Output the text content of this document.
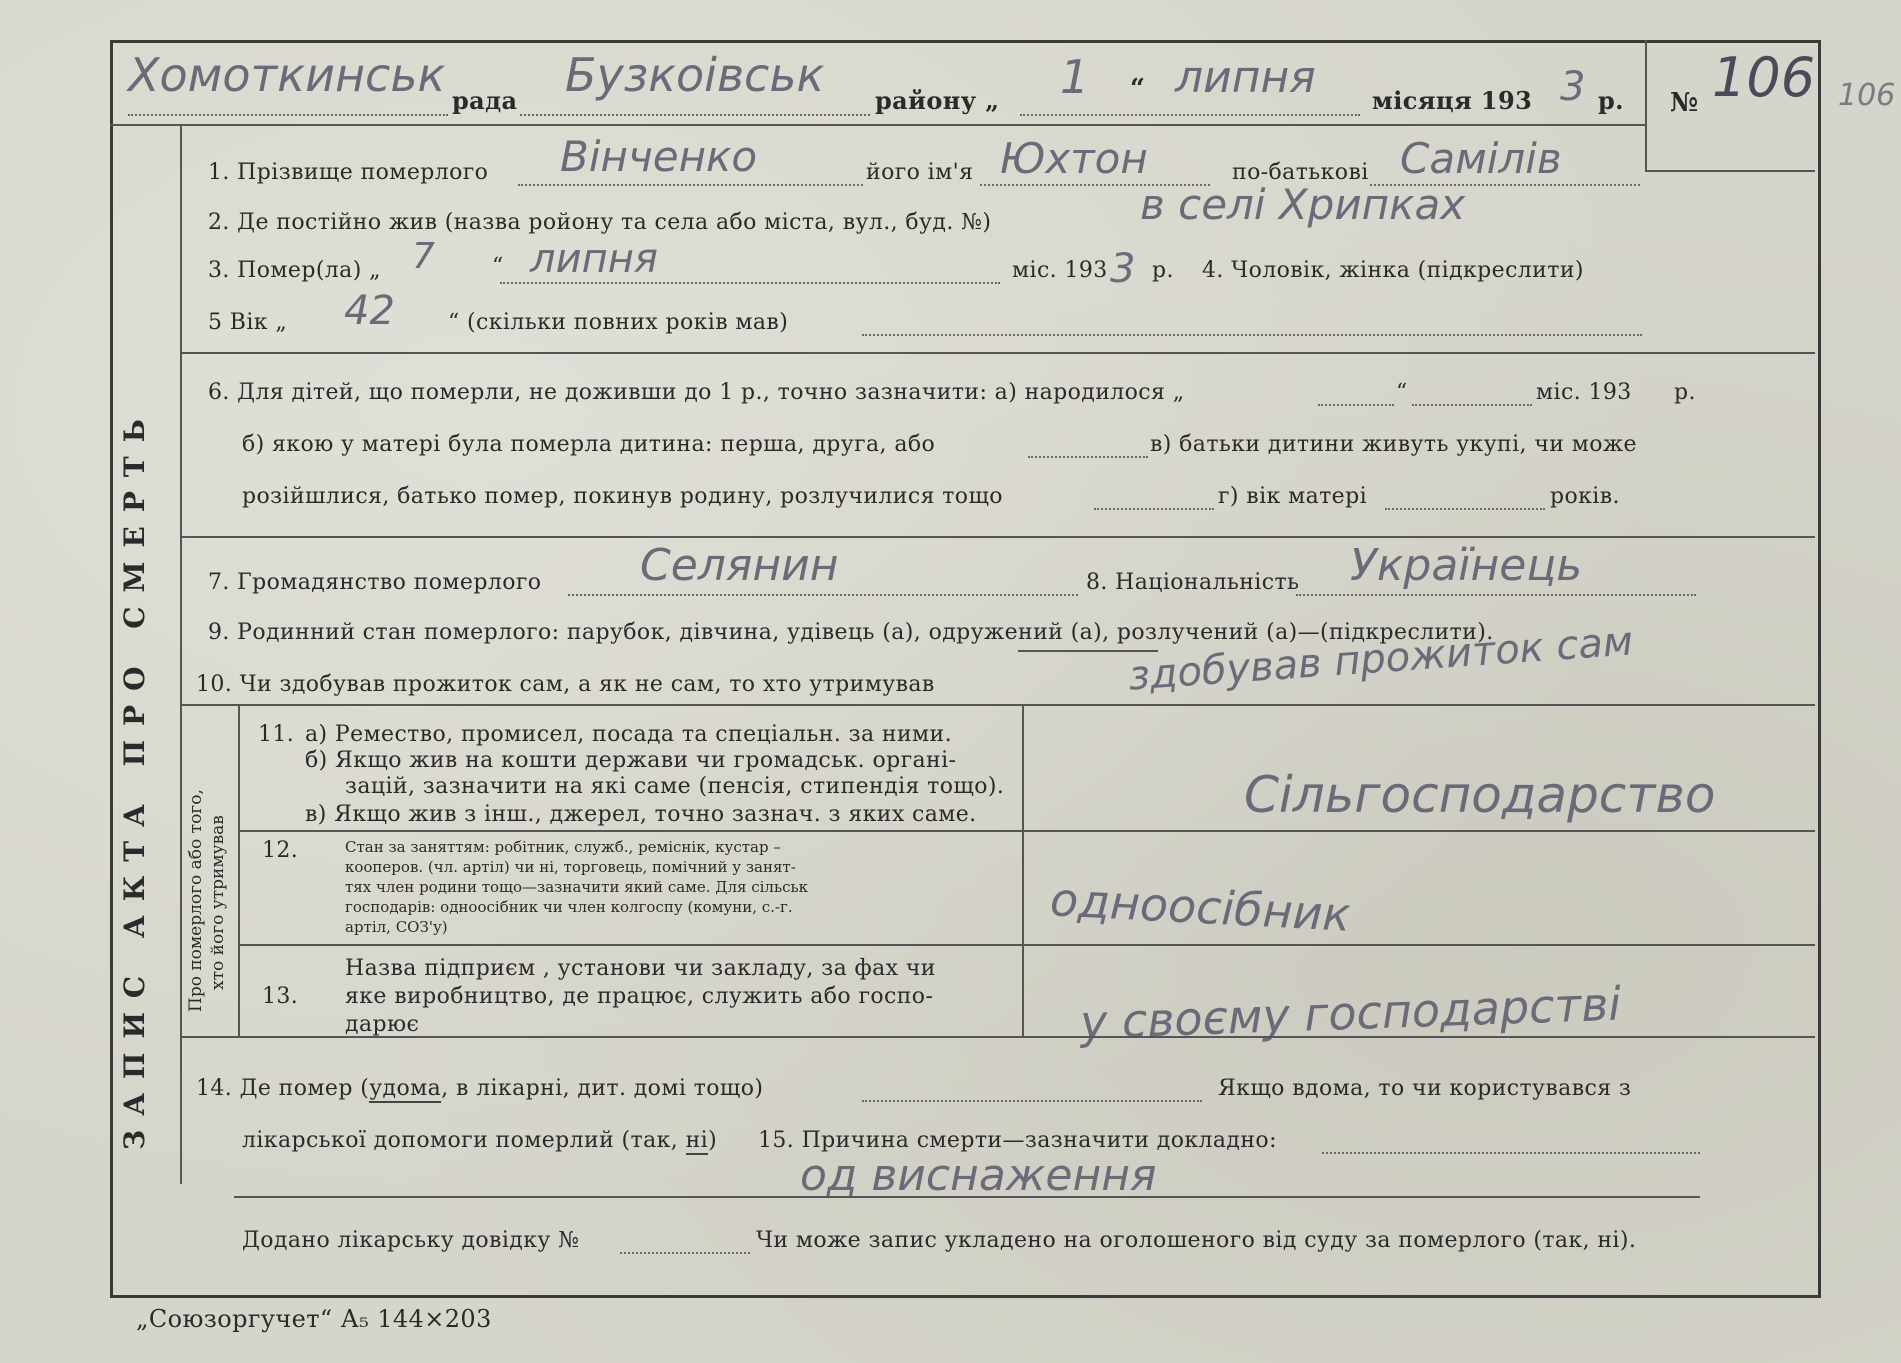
Хомоткинськ рада Бузкоівськ району „ 1 “ липня місяця 193 3 р. № 106 106
ЗАПИС АКТА ПРО СМЕРТЬ
1. Прізвище померлого Вінченко	його ім'я Юхтон	по-батькові Самілів
2. Де постійно жив (назва ройону та села або міста, вул., буд. №)	в селі Хрипках
3. Помер(ла) „ 7	“ липня	міс. 193 3 р. 4. Чоловік, жінка (підкреслити)
5 Вік „ 42 “ (скільки повних років мав)
6. Для дітей, що померли, не доживши до 1 р., точно зазначити: а) народилося „	“	міс. 193 р.
б) якою у матері була померла дитина: перша, друга, або	в) батьки дитини живуть укупі, чи може
розійшлися, батько помер, покинув родину, розлучилися тощо	г) вік матері	років.
7. Громадянство померлого Селянин	8. Національність Українець
9. Родинний стан померлого: парубок, дівчина, удівець (а), одружений (а), розлучений (а)—(підкреслити).
10. Чи здобував прожиток сам, а як не сам, то хто утримував	здобував прожиток сам
Про померлого або того, хто його утримував
11. а) Ремество, промисел, посада та спеціальн. за ними.
б) Якщо жив на кошти держави чи громадськ. органі-
зацій, зазначити на які саме (пенсія, стипендія тощо).
в) Якщо жив з інш., джерел, точно зазнач. з яких саме.	Сільгосподарство
12.	Стан за заняттям: робітник, служб., реміснік, кустар –
кооперов. (чл. артіл) чи ні, торговець, помічний у занят-
тях член родини тощо—зазначити який саме. Для сільськ
господарів: одноосібник чи член колгоспу (комуни, с.-г.
артіл, СОЗ'у)	одноосібник
13.
Назва підприєм , установи чи закладу, за фах чи
яке виробництво, де працює, служить або госпо-
дарює	у своєму господарстві
14. Де помер (удома, в лікарні, дит. домі тощо)	Якщо вдома, то чи користувався з
лікарської допомоги померлий (так, ні) 15. Причина смерти—зазначити докладно:
од виснаження
Додано лікарську довідку №	Чи може запис укладено на оголошеного від суду за померлого (так, ні).
„Союзоргучет“ А₅ 144×203
